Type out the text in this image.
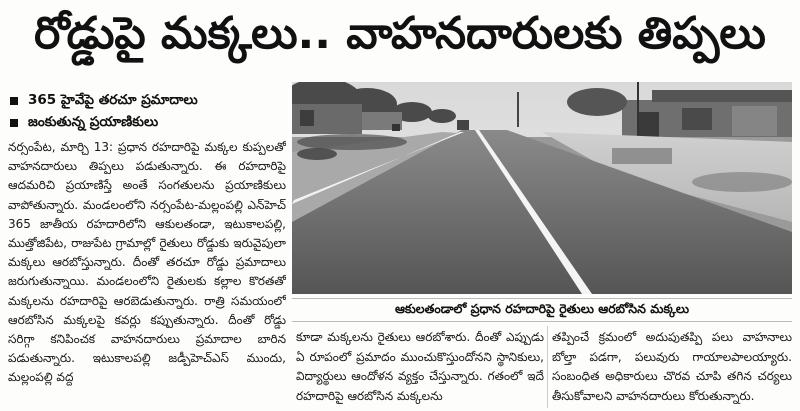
రోడ్డుపై మక్కలు.. వాహనదారులకు తిప్పలు
365 హైవేపై తరచూ ప్రమాదాలు
జంకుతున్న ప్రయాణికులు
నర్సంపేట, మార్చి 13: ప్రధాన రహదారిపై మక్కల కుప్పలతో వాహనదారులు తిప్పలు పడుతున్నారు. ఈ రహదారిపై ఆదమరిచి ప్రయాణిస్తే అంతే సంగతులను ప్రయాణికులు వాపోతున్నారు. మండలంలోని నర్సంపేట-మల్లంపల్లి ఎన్‌హెచ్ 365 జాతీయ రహదారిలోని ఆకులతండా, ఇటుకాలపల్లి, ముత్తోజిపేట, రాజుపేట గ్రామాల్లో రైతులు రోడ్డుకు ఇరువైపులా మక్కలు ఆరబోస్తున్నారు. దీంతో తరచూ రోడ్డు ప్రమాదాలు జరుగుతున్నాయి. మండలంలోని రైతులకు కల్లాల కొరతతో మక్కలను రహదారిపై ఆరబెడుతున్నారు. రాత్రి సమయంలో ఆరబోసిన మక్కలపై కవర్లు కప్పుతున్నారు. దీంతో రోడ్డు సరిగ్గా కనిపించక వాహనదారులు ప్రమాదాల బారిన పడుతున్నారు. ఇటుకాలపల్లి జడ్పీహెచ్ఎస్ ముందు, మల్లంపల్లి వద్ద
ఆకులతండాలో ప్రధాన రహదారిపై రైతులు ఆరబోసిన మక్కలు
కూడా మక్కలను రైతులు ఆరబోశారు. దీంతో ఎప్పుడు ఏ రూపంలో ప్రమాదం ముంచుకొస్తుందోనని స్థానికులు, విద్యార్థులు ఆందోళన వ్యక్తం చేస్తున్నారు. గతంలో ఇదే రహదారిపై ఆరబోసిన మక్కలను
తప్పించే క్రమంలో అదుపుతప్పి పలు వాహనాలు బోల్తా పడగా, పలువురు గాయాలపాలయ్యారు. సంబంధిత అధికారులు చొరవ చూపి తగిన చర్యలు తీసుకోవాలని వాహనదారులు కోరుతున్నారు.
